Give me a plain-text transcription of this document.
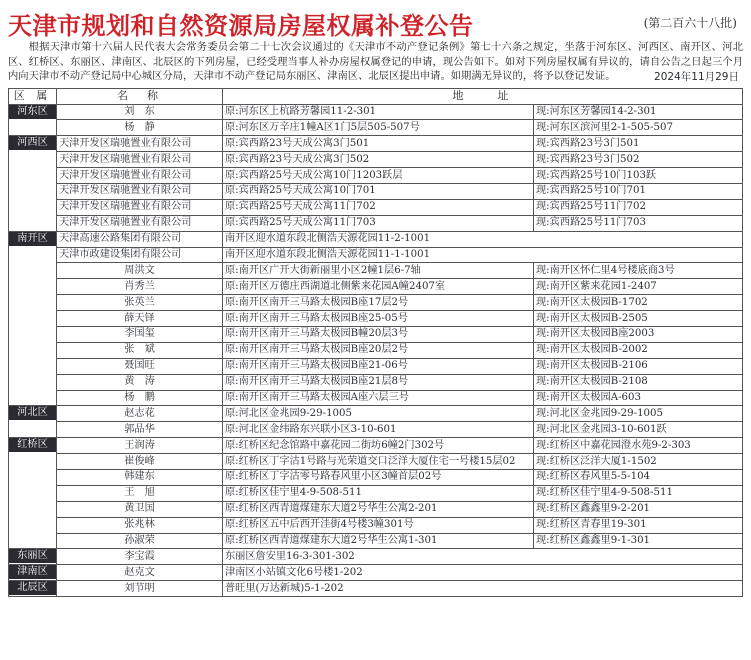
天津市规划和自然资源局房屋权属补登公告	(第二百六十八批)
根据天津市第十六届人民代表大会常务委员会第二十七次会议通过的《天津市不动产登记条例》第七十六条之规定，坐落于河东区、河西区、南开区、河北区、红桥区、东丽区、津南区、北辰区的下列房屋，已经受理当事人补办房屋权属登记的申请，现公告如下。如对下列房屋权属有异议的，请自公告之日起三个月内向天津市不动产登记局中心城区分局，天津市不动产登记局东丽区、津南区、北辰区提出申请。如期满无异议的，将予以登记发证。	2024年11月29日
区 属	名　称	地　　址	

河东区	刘　东	原:河东区上杭路芳馨园11-2-301	现:河东区芳馨园14-2-301
	杨　静	原:河东区万辛庄1幢A区1门5层505-507号	现:河东区滨河里2-1-505-507

河西区	天津开发区瑞驰置业有限公司	原:宾西路23号天成公寓3门501	现:宾西路23号3门501
	天津开发区瑞驰置业有限公司	原:宾西路23号天成公寓3门502	现:宾西路23号3门502
	天津开发区瑞驰置业有限公司	原:宾西路25号天成公寓10门1203跃层	现:宾西路25号10门103跃
	天津开发区瑞驰置业有限公司	原:宾西路25号天成公寓10门701	现:宾西路25号10门701
	天津开发区瑞驰置业有限公司	原:宾西路25号天成公寓11门702	现:宾西路25号11门702
	天津开发区瑞驰置业有限公司	原:宾西路25号天成公寓11门703	现:宾西路25号11门703

南开区	天津高速公路集团有限公司	南开区迎水道东段北侧浩天源花园11-2-1001	
	天津市政建设集团有限公司	南开区迎水道东段北侧浩天源花园11-1-1001	
	周洪文	原:南开区广开大街新丽里小区2幢1层6-7轴	现:南开区怀仁里4号楼底商3号
	肖秀兰	原:南开区万德庄西湖道北侧紫来花园A幢2407室	现:南开区紫来花园1-2407
	张英兰	原:南开区南开三马路太极园B座17层2号	现:南开区太极园B-1702
	薛天铎	原:南开区南开三马路太极园B座25-05号	现:南开区太极园B-2505
	李国玺	原:南开区南开三马路太极园B幢20层3号	现:南开区太极园B座2003
	张　斌	原:南开区南开三马路太极园B座20层2号	现:南开区太极园B-2002
	聂国旺	原:南开区南开三马路太极园B座21-06号	现:南开区太极园B-2106
	黄　涛	原:南开区南开三马路太极园B座21层8号	现:南开区太极园B-2108
	杨　鹏	原:南开区南开三马路太极园A座六层三号	现:南开区太极园A-603

河北区	赵志花	原:河北区金兆园9-29-1005	现:河北区金兆园9-29-1005
	郭品华	原:河北区金纬路东兴联小区3-10-601	现:河北区金兆园3-10-601跃

红桥区	王润涛	原:红桥区纪念馆路中嘉花园二街坊6幢2门302号	现:红桥区中嘉花园澄水苑9-2-303
	崔俊峰	原:红桥区丁字沽1号路与光荣道交口泛洋大厦住宅一号楼15层02	现:红桥区泛洋大厦1-1502
	韩建东	原:红桥区丁字沽零号路春风里小区3幢首层02号	现:红桥区春风里5-5-104
	王　旭	原:红桥区佳宁里4-9-508-511	现:红桥区佳宁里4-9-508-511
	黄卫国	原:红桥区西青道煤建东大道2号华生公寓2-201	现:红桥区鑫鑫里9-2-201
	张兆林	原:红桥区五中后西开洼街4号楼3幢301号	现:红桥区青春里19-301
	孙淑荣	原:红桥区西青道煤建东大道2号华生公寓1-301	现:红桥区鑫鑫里9-1-301

东丽区	李宝霞	东丽区詹安里16-3-301-302	

津南区	赵克文	津南区小站镇文化6号楼1-202	

北辰区	刘节明	普旺里(万达新城)5-1-202	
